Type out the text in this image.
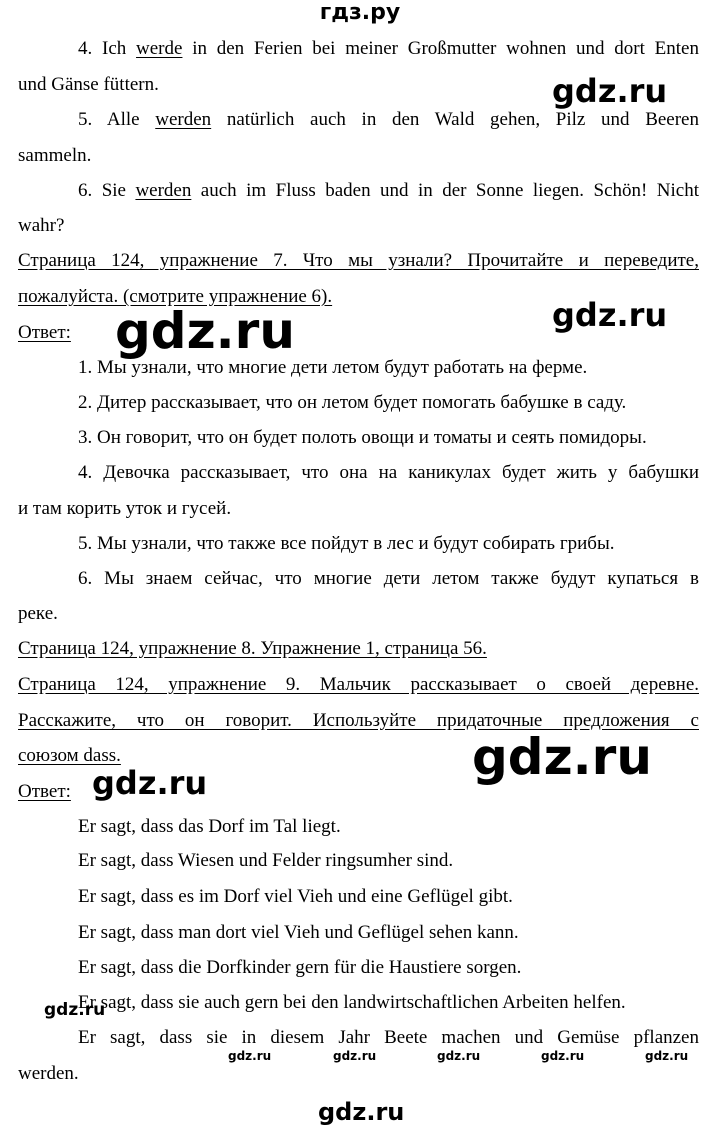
гдз.ру
4. Ich werde in den Ferien bei meiner Großmutter wohnen und dort Enten
und Gänse füttern.
5. Alle werden natürlich auch in den Wald gehen, Pilz und Beeren
sammeln.
6. Sie werden auch im Fluss baden und in der Sonne liegen. Schön! Nicht
wahr?
Страница 124, упражнение 7. Что мы узнали? Прочитайте и переведите,
пожалуйста. (смотрите упражнение 6).
Ответ:
1. Мы узнали, что многие дети летом будут работать на ферме.
2. Дитер рассказывает, что он летом будет помогать бабушке в саду.
3. Он говорит, что он будет полоть овощи и томаты и сеять помидоры.
4. Девочка рассказывает, что она на каникулах будет жить у бабушки
и там корить уток и гусей.
5. Мы узнали, что также все пойдут в лес и будут собирать грибы.
6. Мы знаем сейчас, что многие дети летом также будут купаться в
реке.
Страница 124, упражнение 8. Упражнение 1, страница 56.
Страница 124, упражнение 9. Мальчик рассказывает о своей деревне.
Расскажите, что он говорит. Используйте придаточные предложения с
союзом dass.
Ответ:
Er sagt, dass das Dorf im Tal liegt.
Er sagt, dass Wiesen und Felder ringsumher sind.
Er sagt, dass es im Dorf viel Vieh und eine Geflügel gibt.
Er sagt, dass man dort viel Vieh und Geflügel sehen kann.
Er sagt, dass die Dorfkinder gern für die Haustiere sorgen.
Er sagt, dass sie auch gern bei den landwirtschaftlichen Arbeiten helfen.
Er sagt, dass sie in diesem Jahr Beete machen und Gemüse pflanzen
werden.
gdz.ru
gdz.ru
gdz.ru
gdz.ru
gdz.ru
gdz.ru
gdz.ru	gdz.ru	gdz.ru	gdz.ru	gdz.ru
gdz.ru
